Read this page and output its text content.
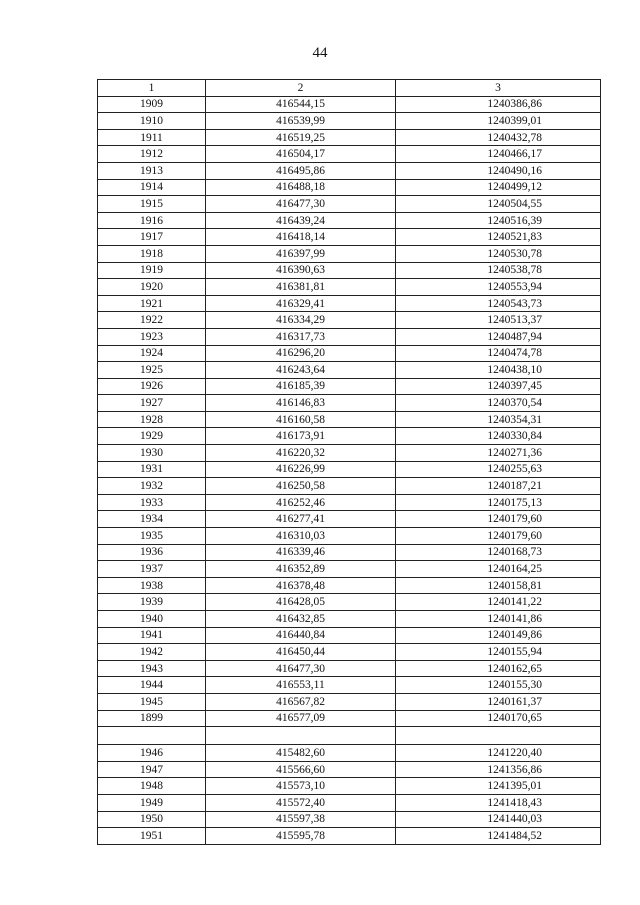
44
1	2	3
1909	416544,15	1240386,86
1910	416539,99	1240399,01
1911	416519,25	1240432,78
1912	416504,17	1240466,17
1913	416495,86	1240490,16
1914	416488,18	1240499,12
1915	416477,30	1240504,55
1916	416439,24	1240516,39
1917	416418,14	1240521,83
1918	416397,99	1240530,78
1919	416390,63	1240538,78
1920	416381,81	1240553,94
1921	416329,41	1240543,73
1922	416334,29	1240513,37
1923	416317,73	1240487,94
1924	416296,20	1240474,78
1925	416243,64	1240438,10
1926	416185,39	1240397,45
1927	416146,83	1240370,54
1928	416160,58	1240354,31
1929	416173,91	1240330,84
1930	416220,32	1240271,36
1931	416226,99	1240255,63
1932	416250,58	1240187,21
1933	416252,46	1240175,13
1934	416277,41	1240179,60
1935	416310,03	1240179,60
1936	416339,46	1240168,73
1937	416352,89	1240164,25
1938	416378,48	1240158,81
1939	416428,05	1240141,22
1940	416432,85	1240141,86
1941	416440,84	1240149,86
1942	416450,44	1240155,94
1943	416477,30	1240162,65
1944	416553,11	1240155,30
1945	416567,82	1240161,37
1899	416577,09	1240170,65

1946	415482,60	1241220,40
1947	415566,60	1241356,86
1948	415573,10	1241395,01
1949	415572,40	1241418,43
1950	415597,38	1241440,03
1951	415595,78	1241484,52
